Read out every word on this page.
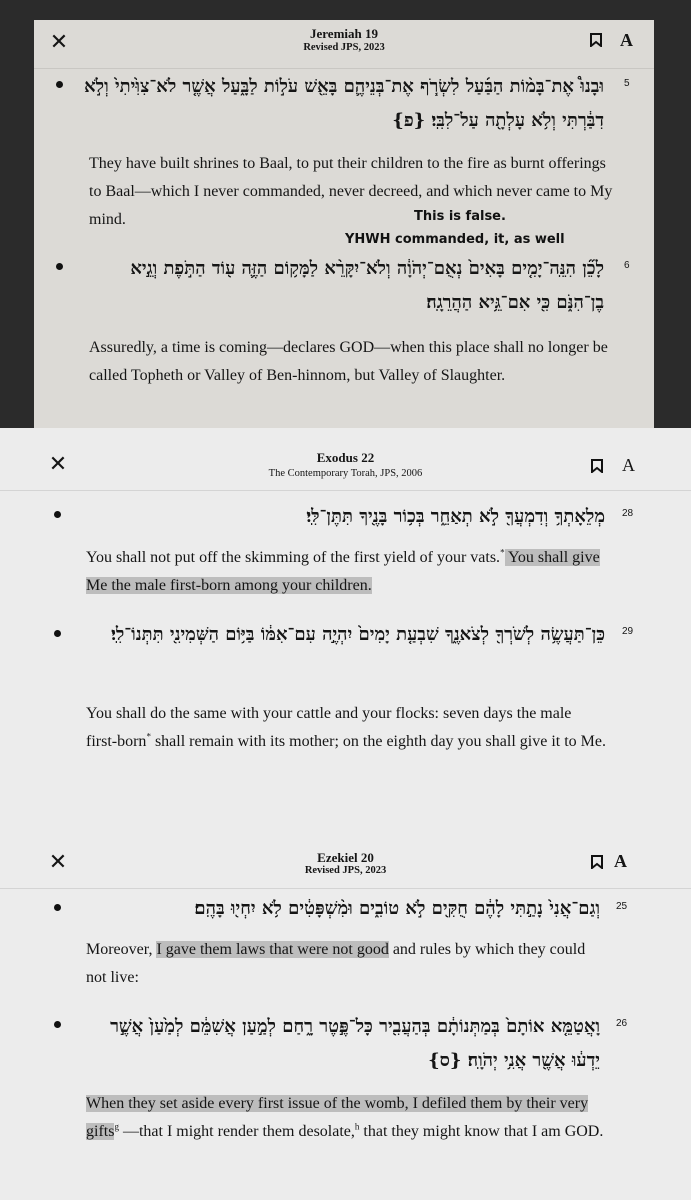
✕	Jeremiah 19
Revised JPS, 2023	A
5
וּבָנוּ֩ אֶת־בָּמ֨וֹת הַבַּ֜עַל לִשְׂרֹ֧ף אֶת־בְּנֵיהֶ֛ם בָּאֵ֖שׁ עֹל֣וֹת לַבָּ֑עַל אֲשֶׁ֤ר לֹא־צִוִּ֙יתִי֙ וְלֹ֣א דִבַּ֔רְתִּי וְלֹ֥א עָלְתָ֖ה עַל־לִבִּֽי׃ {פ}
They have built shrines to Baal, to put their children to the fire as burnt offerings to Baal—which I never commanded, never decreed, and which never came to My mind.	This is false.
YHWH commanded, it, as well
6
לָכֵ֞ן הִנֵּֽה־יָמִ֤ים בָּאִים֙ נְאֻם־יְהֹוָ֔ה וְלֹא־יִקָּרֵ֨א לַמָּק֥וֹם הַזֶּ֛ה ע֖וֹד הַתֹּ֣פֶת וְגֵ֣יא בֶן־הִנֹּ֑ם כִּ֖י אִם־גֵּ֥יא הַהֲרֵגָֽה׃
Assuredly, a time is coming—declares GOD—when this place shall no longer be called Topheth or Valley of Ben-hinnom, but Valley of Slaughter.
✕	Exodus 22
The Contemporary Torah, JPS, 2006	A
28
מְלֵאָתְךָ֥ וְדִמְעֲךָ֖ לֹ֣א תְאַחֵ֑ר בְּכ֥וֹר בָּנֶ֖יךָ תִּתֶּן־לִּֽי׃
You shall not put off the skimming of the first yield of your vats.* You shall give Me the male first-born among your children.
29
כֵּן־תַּעֲשֶׂ֥ה לְשֹׁרְךָ֖ לְצֹאנֶ֑ךָ שִׁבְעַ֤ת יָמִים֙ יִהְיֶ֣ה עִם־אִמּ֔וֹ בַּיּ֥וֹם הַשְּׁמִינִ֖י תִּתְּנוֹ־לִֽי׃
You shall do the same with your cattle and your flocks: seven days the male first-born* shall remain with its mother; on the eighth day you shall give it to Me.
✕	Ezekiel 20
Revised JPS, 2023	A
25
וְגַם־אֲנִי֙ נָתַ֣תִּי לָהֶ֔ם חֻקִּ֖ים לֹ֣א טוֹבִ֑ים וּמִ֨שְׁפָּטִ֔ים לֹ֥א יִחְי֖וּ בָּהֶֽם׃
Moreover, I gave them laws that were not good and rules by which they could not live:
26
וָאֲטַמֵּ֤א אוֹתָם֙ בְּמַתְּנוֹתָ֔ם בְּהַעֲבִ֖יר כָּל־פֶּ֣טֶר רָ֑חַם לְמַ֣עַן אֲשִׁמֵּ֔ם לְמַ֙עַן֙ אֲשֶׁ֣ר יֵדְע֔וּ אֲשֶׁ֖ר אֲנִ֥י יְהֹוָֽה׃ {ס}
When they set aside every first issue of the womb, I defiled them by their very gifts$^g$ —that I might render them desolate,$^h$ that they might know that I am GOD.
